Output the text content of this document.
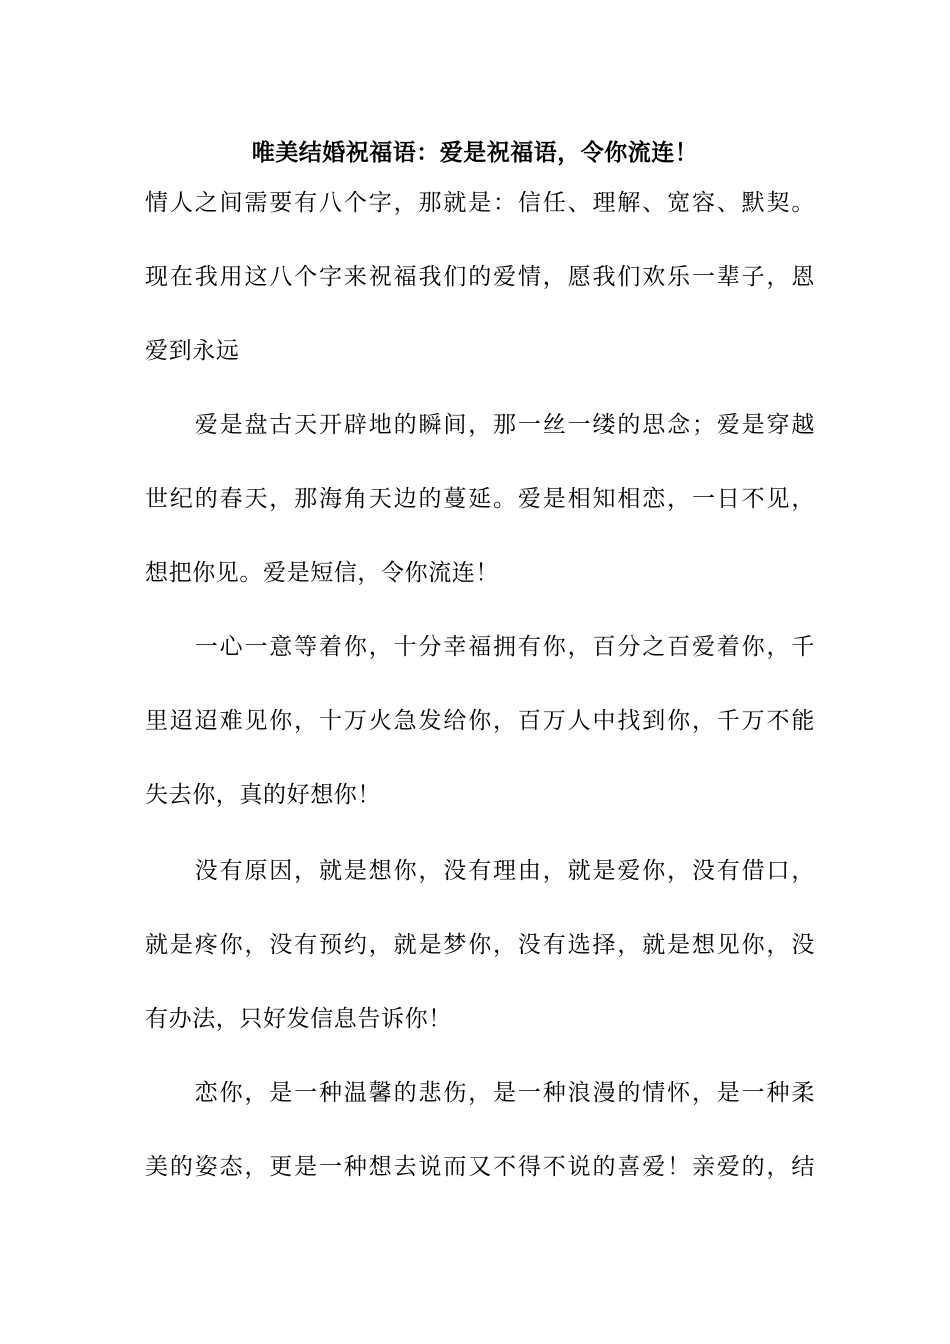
唯美结婚祝福语：爱是祝福语，令你流连！
情人之间需要有八个字，那就是：信任、理解、宽容、默契。
现在我用这八个字来祝福我们的爱情，愿我们欢乐一辈子，恩
爱到永远
　　爱是盘古天开辟地的瞬间，那一丝一缕的思念；爱是穿越
世纪的春天，那海角天边的蔓延。爱是相知相恋，一日不见，
想把你见。爱是短信，令你流连！
　　一心一意等着你，十分幸福拥有你，百分之百爱着你，千
里迢迢难见你，十万火急发给你，百万人中找到你，千万不能
失去你，真的好想你！
　　没有原因，就是想你，没有理由，就是爱你，没有借口，
就是疼你，没有预约，就是梦你，没有选择，就是想见你，没
有办法，只好发信息告诉你！
　　恋你，是一种温馨的悲伤，是一种浪漫的情怀，是一种柔
美的姿态，更是一种想去说而又不得不说的喜爱！亲爱的，结
